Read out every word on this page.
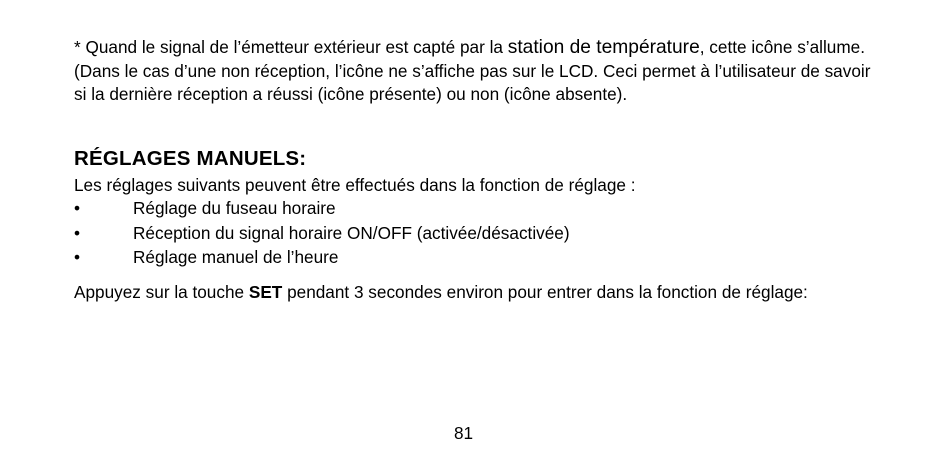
* Quand le signal de l’émetteur extérieur est capté par la station de température, cette icône s’allume. (Dans le cas d’une non réception, l’icône ne s’affiche pas sur le LCD. Ceci permet à l’utilisateur de savoir si la dernière réception a réussi (icône présente) ou non (icône absente).

RÉGLAGES MANUELS:

Les réglages suivants peuvent être effectués dans la fonction de réglage :

•	Réglage du fuseau horaire
•	Réception du signal horaire ON/OFF (activée/désactivée)
•	Réglage manuel de l’heure

Appuyez sur la touche SET pendant 3 secondes environ pour entrer dans la fonction de réglage:

81
